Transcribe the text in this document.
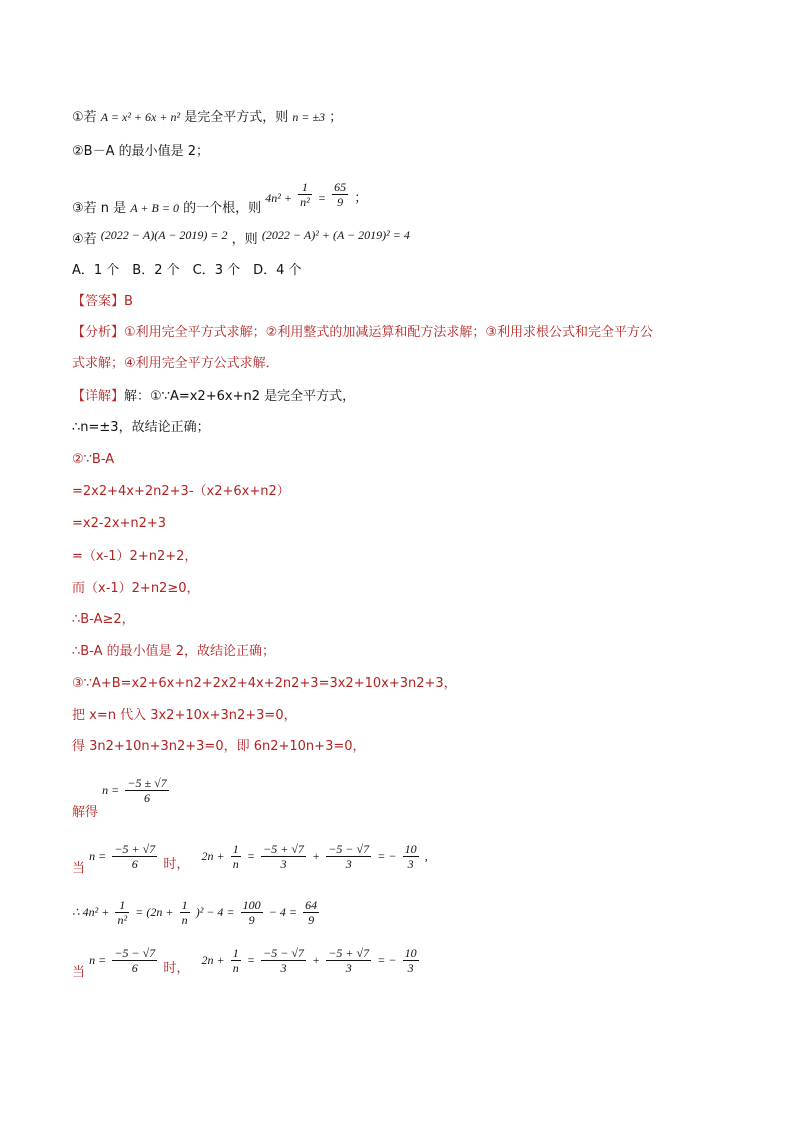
①若 A = x² + 6x + n² 是完全平方式，则 n = ±3 ；
②B－A 的最小值是 2；
③若 n 是 A + B = 0 的一个根，则 $4n^2 + \frac{1}{\text{n²}} = \frac{65}{9}$ ；
④若 (2022 − A)(A − 2019) = 2 ，则 (2022 − A)² + (A − 2019)² = 4
A．1 个　B．2 个　C．3 个　D．4 个
【答案】B
【分析】①利用完全平方式求解；②利用整式的加减运算和配方法求解；③利用求根公式和完全平方公
式求解；④利用完全平方公式求解．
【详解】解：①∵A=x2+6x+n2 是完全平方式，
∴n=±3，故结论正确；
②∵B-A
=2x2+4x+2n2+3-（x2+6x+n2）
=x2-2x+n2+3
=（x-1）2+n2+2，
而（x-1）2+n2≥0，
∴B-A≥2，
∴B-A 的最小值是 2，故结论正确；
③∵A+B=x2+6x+n2+2x2+4x+2n2+3=3x2+10x+3n2+3，
把 x=n 代入 3x2+10x+3n2+3=0，
得 3n2+10n+3n2+3=0，即 6n2+10n+3=0，
解得 $n = \frac{-5 \pm √7}{6}$
当 $n = \frac{-5 + √7}{6}$ 时， $2n + \frac{1}{n} = \frac{-5 + √7}{3} + \frac{-5 - √7}{3}$ = − $\frac{10}{3}$ ,
∴ $4n^2 + \frac{1}{\text{n²}} = (2n + \frac{1}{n} )^2 - 4 = \frac{100}{9} - 4 = \frac{64}{9}$
当 $n = \frac{-5 - √7}{6}$ 时， $2n + \frac{1}{n} = \frac{-5 - √7}{3} + \frac{-5 + √7}{3}$ = − $\frac{10}{3}$
